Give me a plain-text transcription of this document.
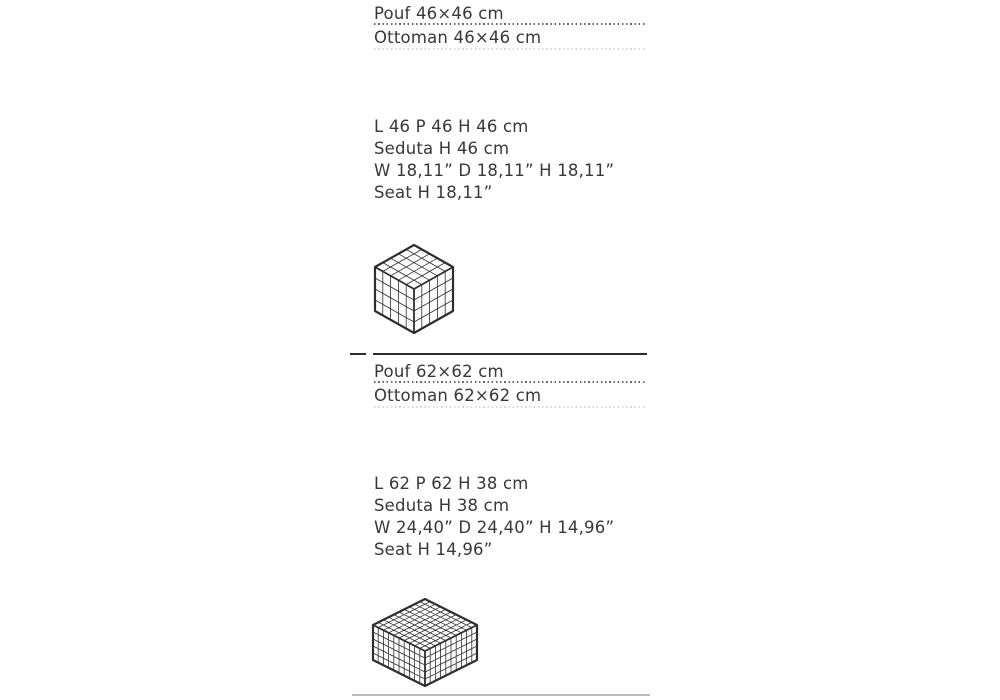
Pouf 46×46 cm
Ottoman 46×46 cm
L 46 P 46 H 46 cm
Seduta H 46 cm
W 18,11” D 18,11” H 18,11”
Seat H 18,11”
Pouf 62×62 cm
Ottoman 62×62 cm
L 62 P 62 H 38 cm
Seduta H 38 cm
W 24,40” D 24,40” H 14,96”
Seat H 14,96”
